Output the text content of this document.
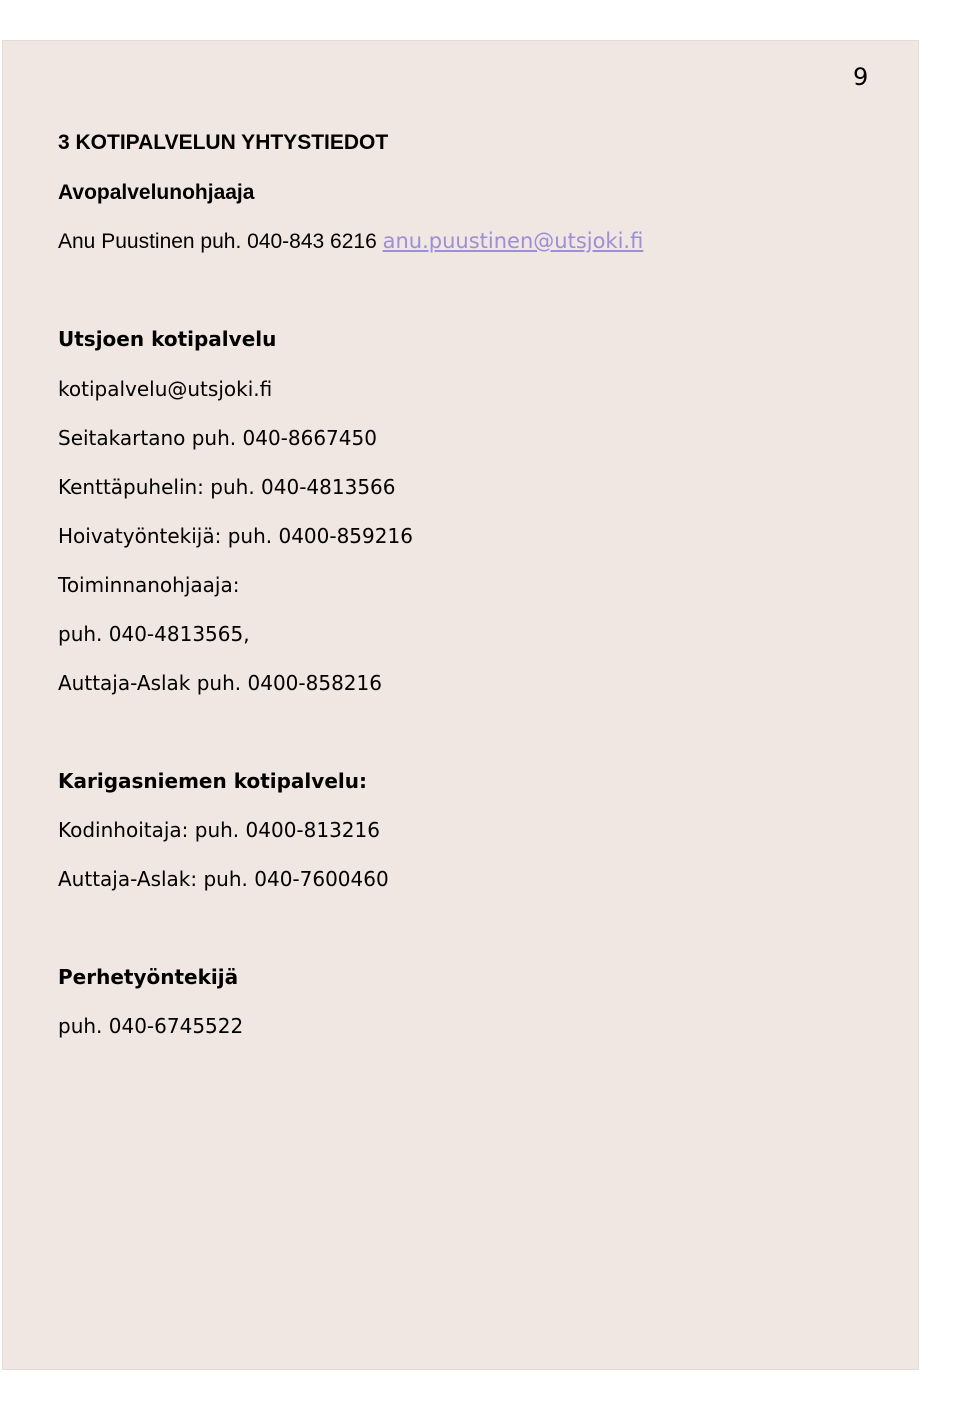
9
3 KOTIPALVELUN YHTYSTIEDOT
Avopalvelunohjaaja
Anu Puustinen puh. 040-843 6216 anu.puustinen@utsjoki.fi
Utsjoen kotipalvelu
kotipalvelu@utsjoki.fi
Seitakartano puh. 040-8667450
Kenttäpuhelin: puh. 040-4813566
Hoivatyöntekijä: puh. 0400-859216
Toiminnanohjaaja:
puh. 040-4813565,
Auttaja-Aslak puh. 0400-858216
Karigasniemen kotipalvelu:
Kodinhoitaja: puh. 0400-813216
Auttaja-Aslak: puh. 040-7600460
Perhetyöntekijä
puh. 040-6745522
